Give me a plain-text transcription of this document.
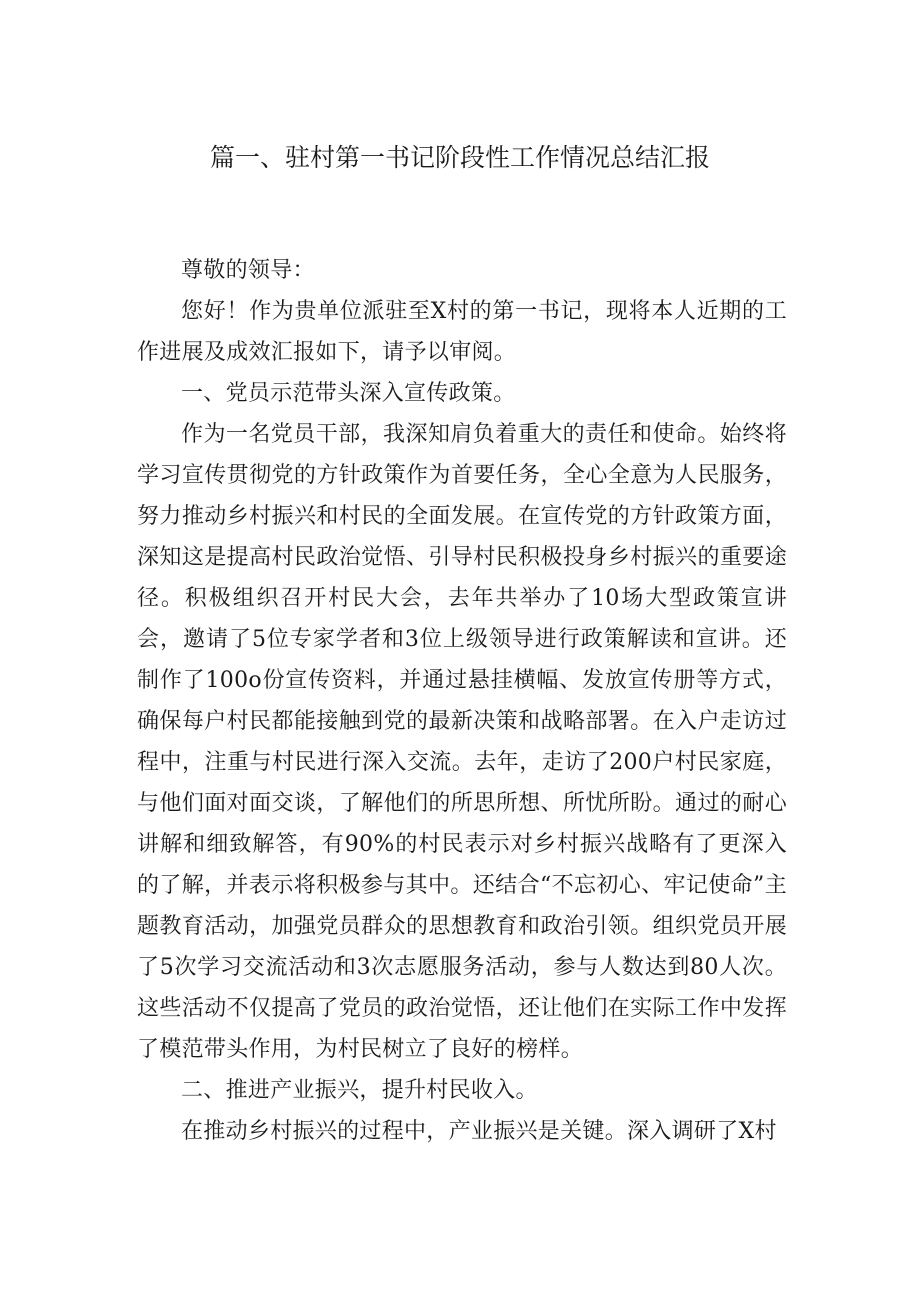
篇一、驻村第一书记阶段性工作情况总结汇报

尊敬的领导：

您好！作为贵单位派驻至X村的第一书记，现将本人近期的工作进展及成效汇报如下，请予以审阅。

一、党员示范带头深入宣传政策。

作为一名党员干部，我深知肩负着重大的责任和使命。始终将学习宣传贯彻党的方针政策作为首要任务，全心全意为人民服务，努力推动乡村振兴和村民的全面发展。在宣传党的方针政策方面，深知这是提高村民政治觉悟、引导村民积极投身乡村振兴的重要途径。积极组织召开村民大会，去年共举办了10场大型政策宣讲会，邀请了5位专家学者和3位上级领导进行政策解读和宣讲。还制作了100o份宣传资料，并通过悬挂横幅、发放宣传册等方式，确保每户村民都能接触到党的最新决策和战略部署。在入户走访过程中，注重与村民进行深入交流。去年，走访了200户村民家庭，与他们面对面交谈，了解他们的所思所想、所忧所盼。通过的耐心讲解和细致解答，有90%的村民表示对乡村振兴战略有了更深入的了解，并表示将积极参与其中。还结合“不忘初心、牢记使命”主题教育活动，加强党员群众的思想教育和政治引领。组织党员开展了5次学习交流活动和3次志愿服务活动，参与人数达到80人次。这些活动不仅提高了党员的政治觉悟，还让他们在实际工作中发挥了模范带头作用，为村民树立了良好的榜样。

二、推进产业振兴，提升村民收入。

在推动乡村振兴的过程中，产业振兴是关键。深入调研了X村
